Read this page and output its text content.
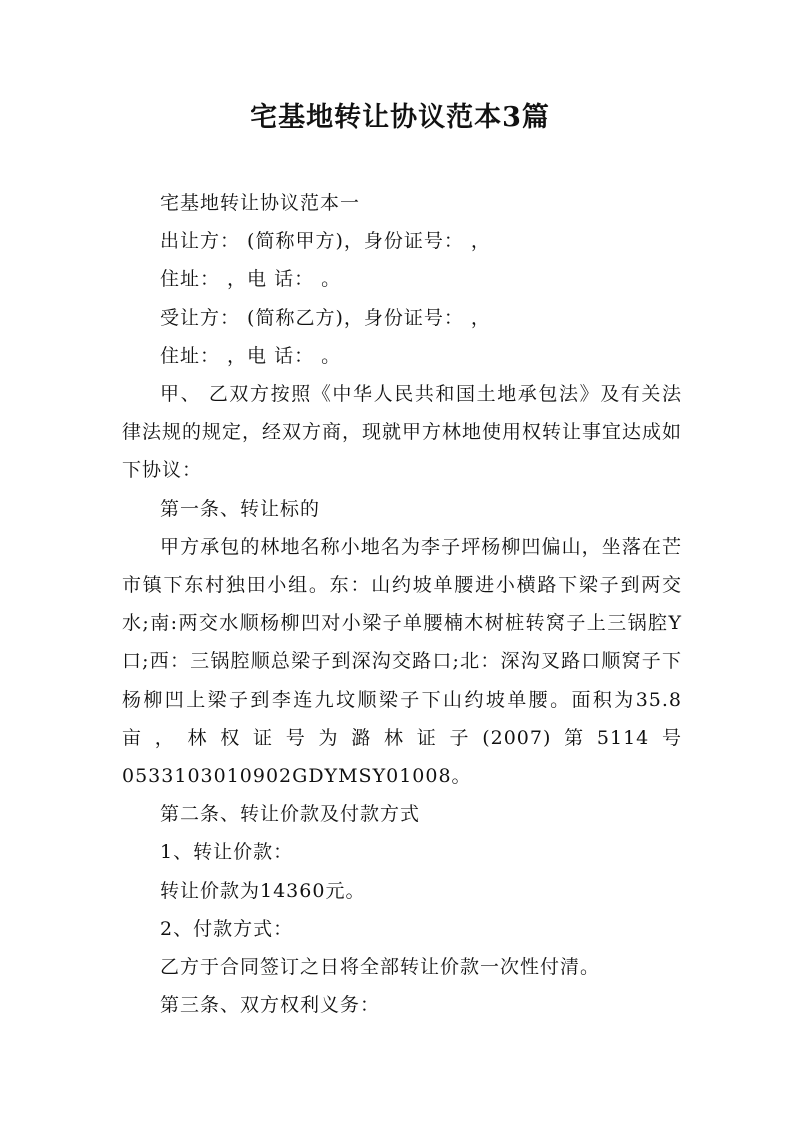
宅基地转让协议范本3篇

宅基地转让协议范本一

出让方： (简称甲方)，身份证号： ，

住址： ，电 话： 。

受让方： (简称乙方)，身份证号： ，

住址： ，电 话： 。

甲、 乙双方按照《中华人民共和国土地承包法》及有关法律法规的规定，经双方商，现就甲方林地使用权转让事宜达成如下协议：

第一条、转让标的

甲方承包的林地名称小地名为李子坪杨柳凹偏山，坐落在芒市镇下东村独田小组。东：山约坡单腰进小横路下梁子到两交水;南:两交水顺杨柳凹对小梁子单腰楠木树桩转窝子上三锅腔Y口;西：三锅腔顺总梁子到深沟交路口;北：深沟叉路口顺窝子下杨柳凹上梁子到李连九坟顺梁子下山约坡单腰。面积为35.8亩，林权证号为潞林证子(2007)第5114号0533103010902GDYMSY01008。

第二条、转让价款及付款方式

1、转让价款：

转让价款为14360元。

2、付款方式：

乙方于合同签订之日将全部转让价款一次性付清。

第三条、双方权利义务：
